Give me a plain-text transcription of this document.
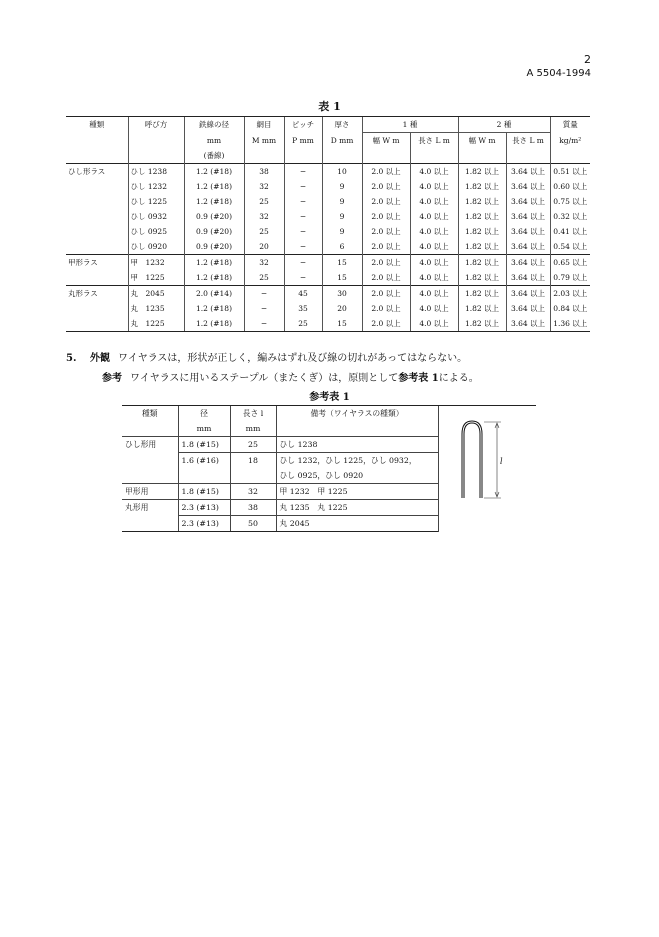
2
A 5504-1994
表 1
種類	呼び方	鉄線の径	網目	ピッチ	厚さ	1 種		2 種		質量
		mm	M mm	P mm	D mm	幅 W m	長さ L m	幅 W m	長さ L m	kg/m²
		(番線)								
ひし形ラス	ひし 1238	1.2 (#18)	38	−	10	2.0 以上	4.0 以上	1.82 以上	3.64 以上	0.51 以上
	ひし 1232	1.2 (#18)	32	−	9	2.0 以上	4.0 以上	1.82 以上	3.64 以上	0.60 以上
	ひし 1225	1.2 (#18)	25	−	9	2.0 以上	4.0 以上	1.82 以上	3.64 以上	0.75 以上
	ひし 0932	0.9 (#20)	32	−	9	2.0 以上	4.0 以上	1.82 以上	3.64 以上	0.32 以上
	ひし 0925	0.9 (#20)	25	−	9	2.0 以上	4.0 以上	1.82 以上	3.64 以上	0.41 以上
	ひし 0920	0.9 (#20)	20	−	6	2.0 以上	4.0 以上	1.82 以上	3.64 以上	0.54 以上
甲形ラス	甲　1232	1.2 (#18)	32	−	15	2.0 以上	4.0 以上	1.82 以上	3.64 以上	0.65 以上
	甲　1225	1.2 (#18)	25	−	15	2.0 以上	4.0 以上	1.82 以上	3.64 以上	0.79 以上
丸形ラス	丸　2045	2.0 (#14)	−	45	30	2.0 以上	4.0 以上	1.82 以上	3.64 以上	2.03 以上
	丸　1235	1.2 (#18)	−	35	20	2.0 以上	4.0 以上	1.82 以上	3.64 以上	0.84 以上
	丸　1225	1.2 (#18)	−	25	15	2.0 以上	4.0 以上	1.82 以上	3.64 以上	1.36 以上
5. 外観 ワイヤラスは，形状が正しく，編みはずれ及び線の切れがあってはならない。
参考 ワイヤラスに用いるステープル（またくぎ）は，原則として参考表 1による。
参考表 1
種類	径	長さ l	備考（ワイヤラスの種類）	l

	mm	mm		
ひし形用	1.8 (#15)	25	ひし 1238	
	1.6 (#16)	18	ひし 1232，ひし 1225，ひし 0932，	
			ひし 0925，ひし 0920	
甲形用	1.8 (#15)	32	甲 1232　甲 1225	
丸形用	2.3 (#13)	38	丸 1235　丸 1225	
	2.3 (#13)	50	丸 2045	
